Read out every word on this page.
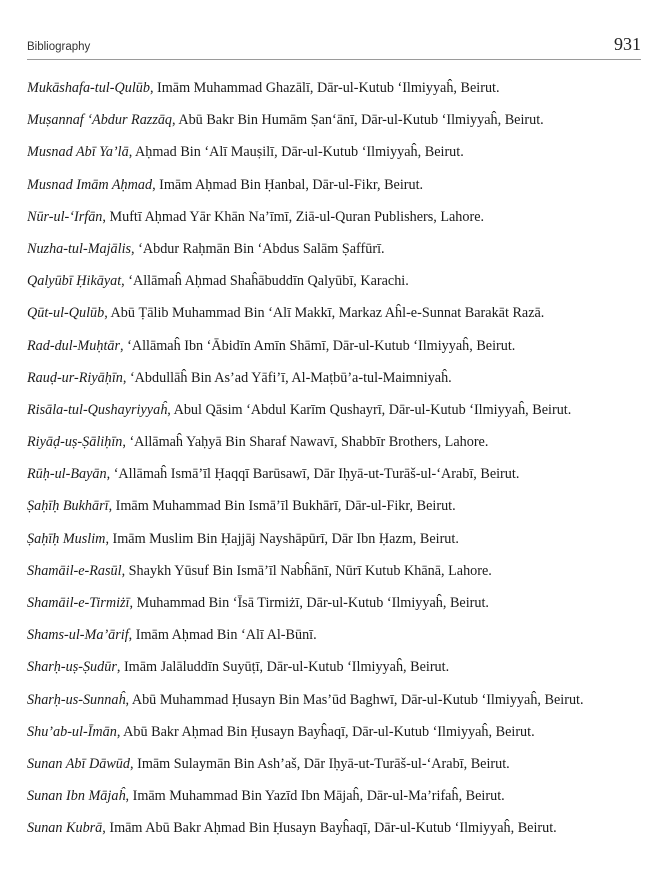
Bibliography	931
Mukāshafa-tul-Qulūb, Imām Muhammad Ghazālī, Dār-ul-Kutub ‘Ilmiyyaĥ, Beirut.
Muṣannaf ‘Abdur Razzāq, Abū Bakr Bin Humām Ṣan‘ānī, Dār-ul-Kutub ‘Ilmiyyaĥ, Beirut.
Musnad Abī Ya’lā, Aḥmad Bin ‘Alī Mauṣilī, Dār-ul-Kutub ‘Ilmiyyaĥ, Beirut.
Musnad Imām Aḥmad, Imām Aḥmad Bin Ḥanbal, Dār-ul-Fikr, Beirut.
Nūr-ul-‘Irfān, Muftī Aḥmad Yār Khān Na’īmī, Ziā-ul-Quran Publishers, Lahore.
Nuzha-tul-Majālis, ‘Abdur Raḥmān Bin ‘Abdus Salām Ṣaffūrī.
Qalyūbī Ḥikāyat, ‘Allāmaĥ Aḥmad Shaĥābuddīn Qalyūbī, Karachi.
Qūt-ul-Qulūb, Abū Ṭālib Muhammad Bin ‘Alī Makkī, Markaz Aĥl-e-Sunnat Barakāt Razā.
Rad-dul-Muḥtār, ‘Allāmaĥ Ibn ‘Ābidīn Amīn Shāmī, Dār-ul-Kutub ‘Ilmiyyaĥ, Beirut.
Rauḍ-ur-Riyāḥīn, ‘Abdullāĥ Bin As’ad Yāfi’ī, Al-Maṭbū’a-tul-Maimniyaĥ.
Risāla-tul-Qushayriyyaĥ, Abul Qāsim ‘Abdul Karīm Qushayrī, Dār-ul-Kutub ‘Ilmiyyaĥ, Beirut.
Riyāḍ-uṣ-Ṣāliḥīn, ‘Allāmaĥ Yaḥyā Bin Sharaf Nawavī, Shabbīr Brothers, Lahore.
Rūḥ-ul-Bayān, ‘Allāmaĥ Ismā’īl Ḥaqqī Barūsawī, Dār Iḥyā-ut-Turāš-ul-‘Arabī, Beirut.
Ṣaḥīḥ Bukhārī, Imām Muhammad Bin Ismā’īl Bukhārī, Dār-ul-Fikr, Beirut.
Ṣaḥīḥ Muslim, Imām Muslim Bin Ḥajjāj Nayshāpūrī, Dār Ibn Ḥazm, Beirut.
Shamāil-e-Rasūl, Shaykh Yūsuf Bin Ismā’īl Nabĥānī, Nūrī Kutub Khānā, Lahore.
Shamāil-e-Tirmiżī, Muhammad Bin ‘Īsā Tirmiżī, Dār-ul-Kutub ‘Ilmiyyaĥ, Beirut.
Shams-ul-Ma’ārif, Imām Aḥmad Bin ‘Alī Al-Būnī.
Sharḥ-uṣ-Ṣudūr, Imām Jalāluddīn Suyūṭī, Dār-ul-Kutub ‘Ilmiyyaĥ, Beirut.
Sharḥ-us-Sunnaĥ, Abū Muhammad Ḥusayn Bin Mas’ūd Baghwī, Dār-ul-Kutub ‘Ilmiyyaĥ, Beirut.
Shu’ab-ul-Īmān, Abū Bakr Aḥmad Bin Ḥusayn Bayĥaqī, Dār-ul-Kutub ‘Ilmiyyaĥ, Beirut.
Sunan Abī Dāwūd, Imām Sulaymān Bin Ash’aš, Dār Iḥyā-ut-Turāš-ul-‘Arabī, Beirut.
Sunan Ibn Mājaĥ, Imām Muhammad Bin Yazīd Ibn Mājaĥ, Dār-ul-Ma’rifaĥ, Beirut.
Sunan Kubrā, Imām Abū Bakr Aḥmad Bin Ḥusayn Bayĥaqī, Dār-ul-Kutub ‘Ilmiyyaĥ, Beirut.
